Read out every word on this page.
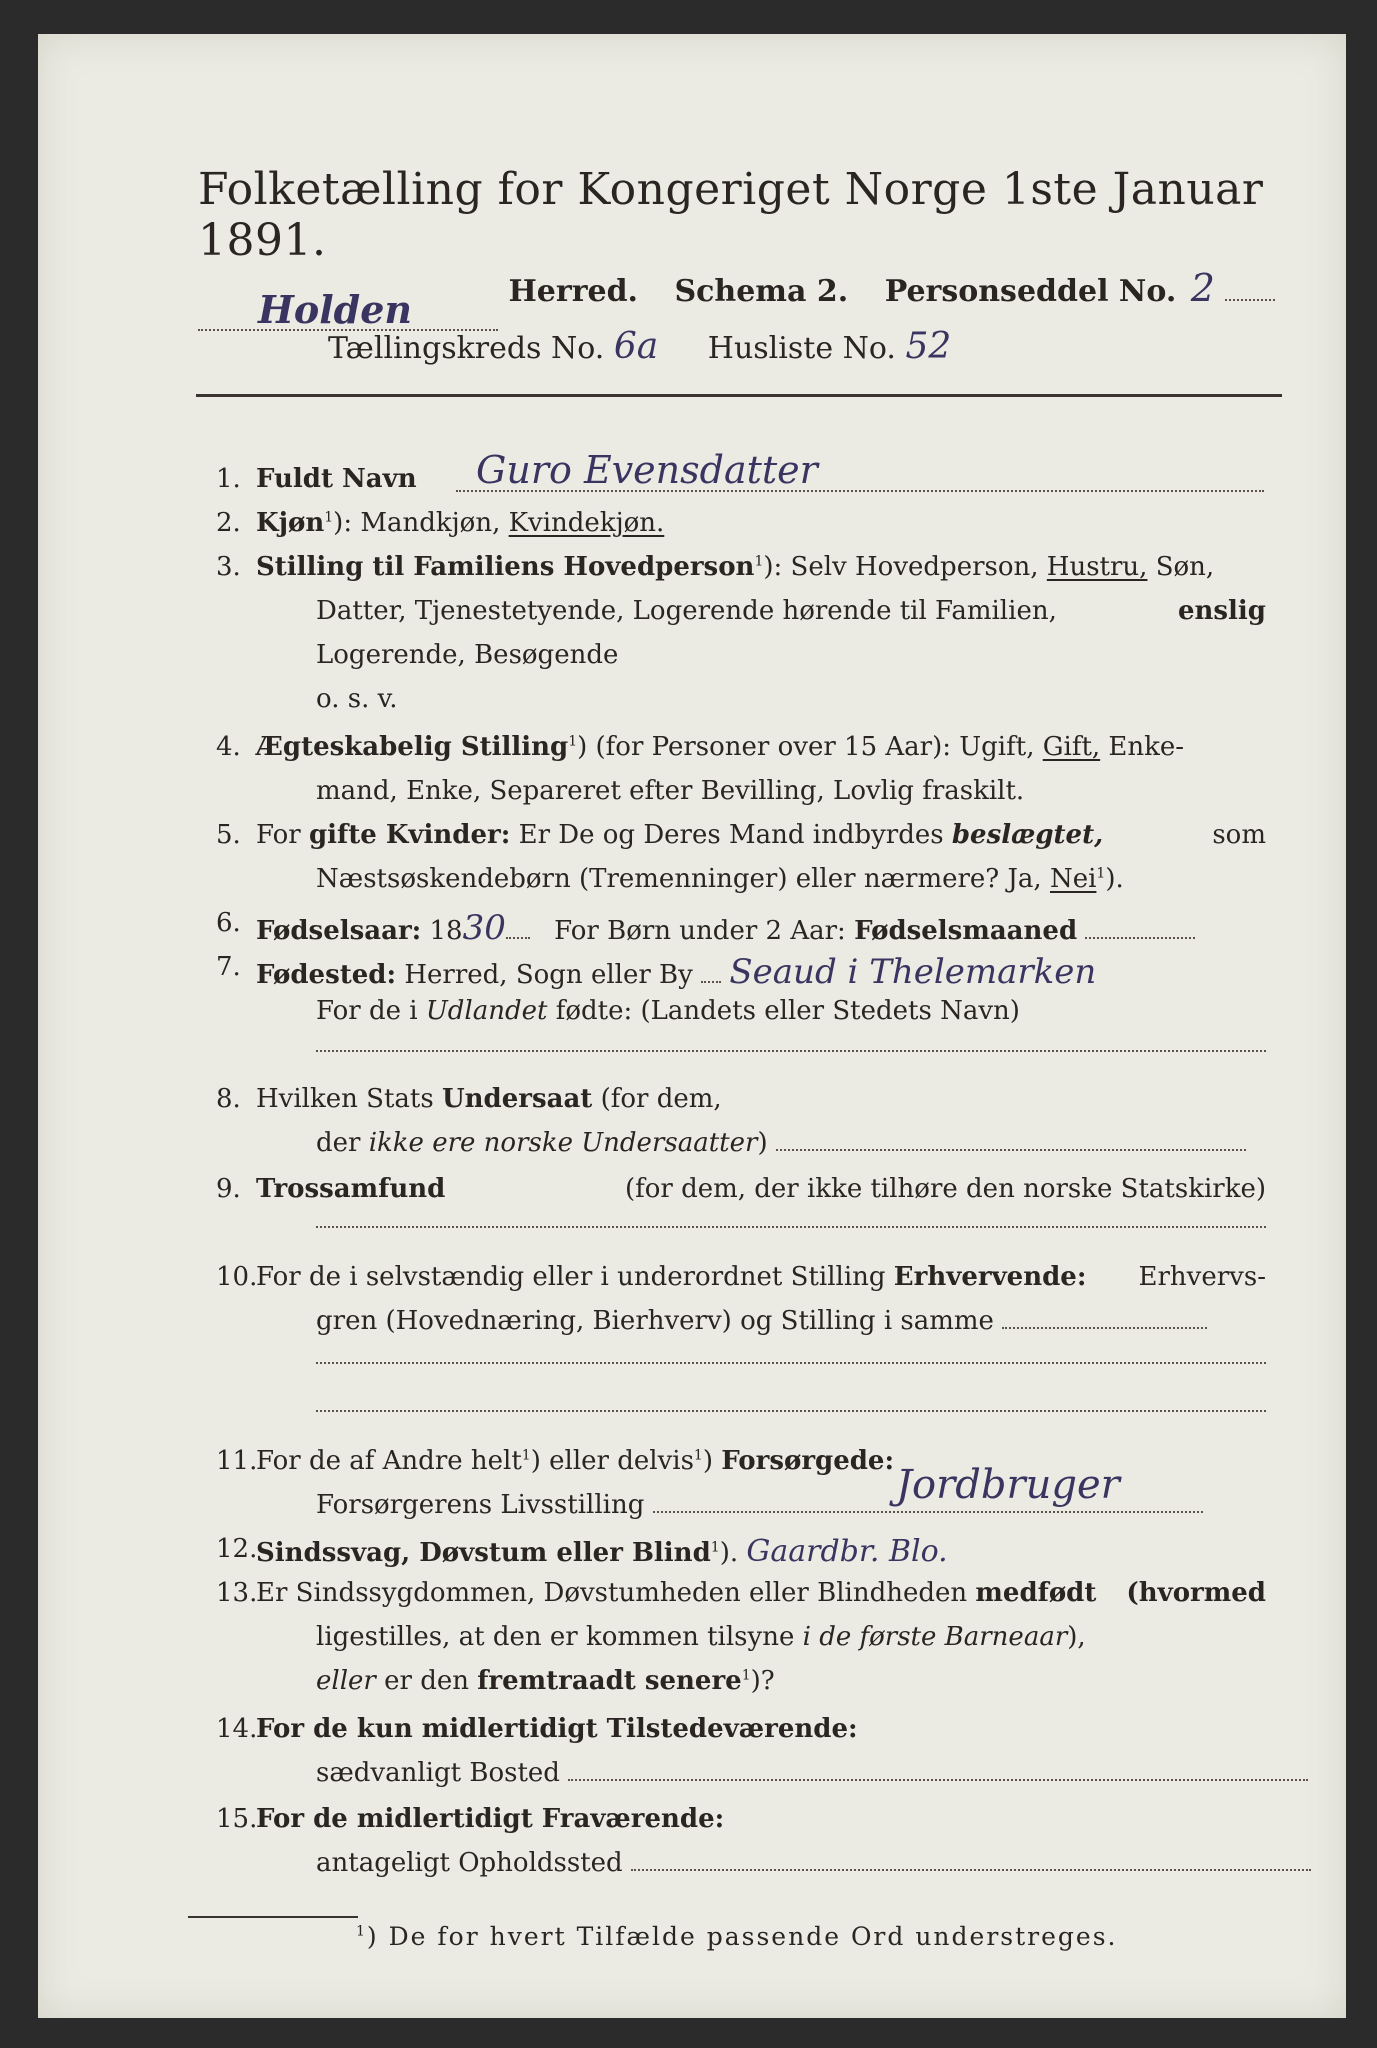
Folketælling for Kongeriget Norge 1ste Januar 1891.
Holden	Herred. Schema 2. Personseddel No. 2
Tællingskreds No. 6a Husliste No. 52
1. Fuldt Navn Guro Evensdatter
2. Kjøn$^1$): Mandkjøn, Kvindekjøn.
3. Stilling til Familiens Hovedperson$^1$): Selv Hovedperson, Hustru, Søn,
Datter, Tjenestetyende, Logerende hørende til Familien,	enslig
Logerende, Besøgende
o. s. v.
4. Ægteskabelig Stilling$^1$) (for Personer over 15 Aar): Ugift, Gift, Enke-
mand, Enke, Separeret efter Bevilling, Lovlig fraskilt.
5. For gifte Kvinder: Er De og Deres Mand indbyrdes beslægtet,	som
Næstsøskendebørn (Tremenninger) eller nærmere? Ja, Nei$^1$).
6. Fødselsaar: 1830 For Børn under 2 Aar: Fødselsmaaned
7. Fødested: Herred, Sogn eller By Seaud i Thelemarken
For de i Udlandet fødte: (Landets eller Stedets Navn)
8. Hvilken Stats Undersaat (for dem,
der ikke ere norske Undersaatter)
9. Trossamfund	(for dem, der ikke tilhøre den norske Statskirke)
10.
For de i selvstændig eller i underordnet Stilling Erhvervende: Erhvervs-
gren (Hovednæring, Bierhverv) og Stilling i samme
11.
For de af Andre helt$^1$) eller delvis$^1$) Forsørgede:
Forsørgerens Livsstilling	Jordbruger
12.
Sindssvag, Døvstum eller Blind$^1$). Gaardbr. Blo.
13.
Er Sindssygdommen, Døvstumheden eller Blindheden medfødt (hvormed
ligestilles, at den er kommen tilsyne i de første Barneaar),
eller er den fremtraadt senere$^1$)?
14.
For de kun midlertidigt Tilstedeværende:
sædvanligt Bosted
15.
For de midlertidigt Fraværende:
antageligt Opholdssted
$^1$) De for hvert Tilfælde passende Ord understreges.
